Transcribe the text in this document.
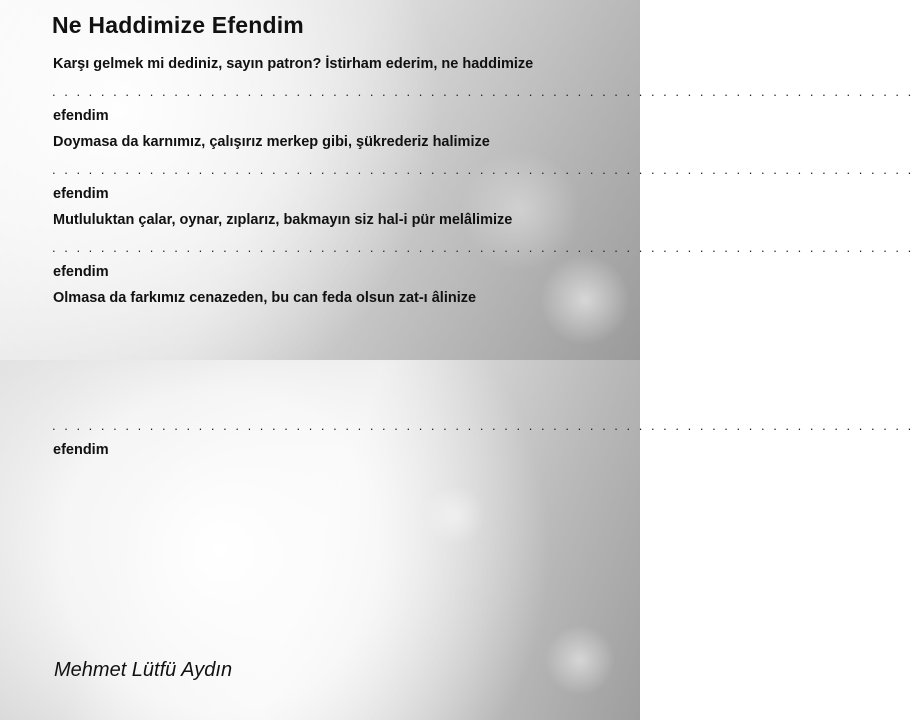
Ne Haddimize Efendim

Karşı gelmek mi dediniz, sayın patron? İstirham ederim, ne haddimize

. . . . . . . . . . . . . . . . . . . . . . . . . . . . . . . . . . . . . . . . . . . . . . . . . . . . . . . . . . . . . . . . . . . . . . .

efendim

Doymasa da karnımız, çalışırız merkep gibi, şükrederiz halimize

. . . . . . . . . . . . . . . . . . . . . . . . . . . . . . . . . . . . . . . . . . . . . . . . . . . . . . . . . . . . . . . . . . . . . . .

efendim

Mutluluktan çalar, oynar, zıplarız, bakmayın siz hal-i pür melâlimize

. . . . . . . . . . . . . . . . . . . . . . . . . . . . . . . . . . . . . . . . . . . . . . . . . . . . . . . . . . . . . . . . . . . . . . .

efendim

Olmasa da farkımız cenazeden, bu can feda olsun zat-ı âlinize

. . . . . . . . . . . . . . . . . . . . . . . . . . . . . . . . . . . . . . . . . . . . . . . . . . . . . . . . . . . . . . . . . . . . . . .

efendim

Mehmet Lütfü Aydın
